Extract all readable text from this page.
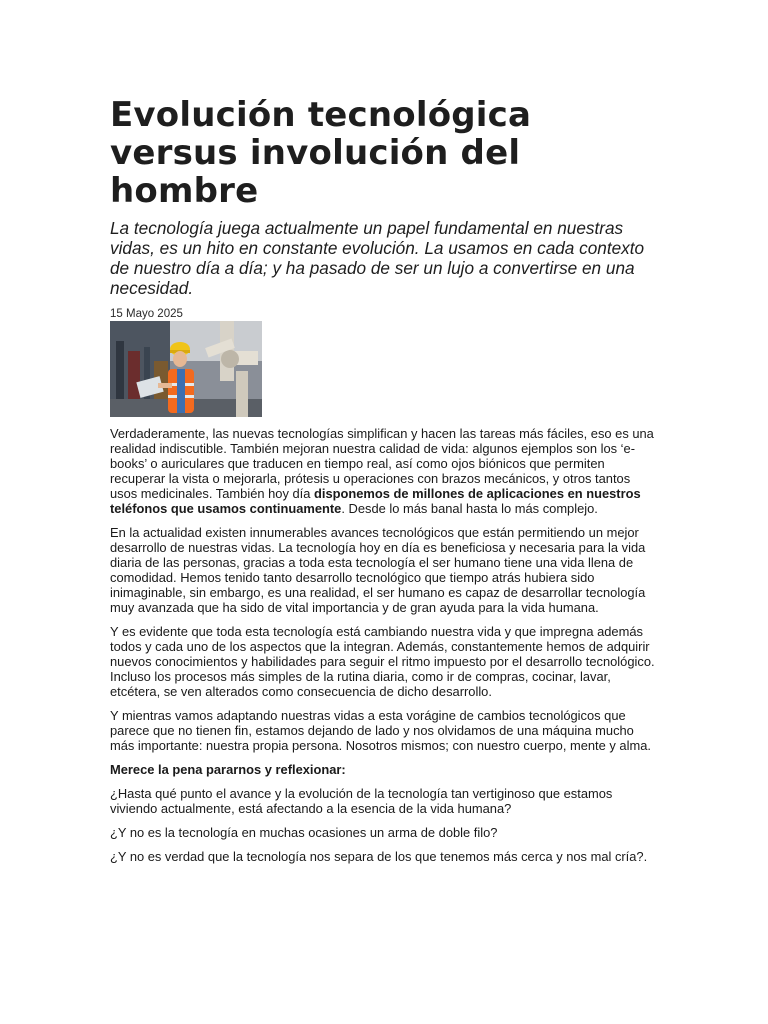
Evolución tecnológica versus involución del hombre

La tecnología juega actualmente un papel fundamental en nuestras vidas, es un hito en constante evolución. La usamos en cada contexto de nuestro día a día; y ha pasado de ser un lujo a convertirse en una necesidad.

15 Mayo 2025

Verdaderamente, las nuevas tecnologías simplifican y hacen las tareas más fáciles, eso es una realidad indiscutible. También mejoran nuestra calidad de vida: algunos ejemplos son los ‘e-books’ o auriculares que traducen en tiempo real, así como ojos biónicos que permiten recuperar la vista o mejorarla, prótesis u operaciones con brazos mecánicos, y otros tantos usos medicinales. También hoy día disponemos de millones de aplicaciones en nuestros teléfonos que usamos continuamente. Desde lo más banal hasta lo más complejo.

En la actualidad existen innumerables avances tecnológicos que están permitiendo un mejor desarrollo de nuestras vidas. La tecnología hoy en día es beneficiosa y necesaria para la vida diaria de las personas, gracias a toda esta tecnología el ser humano tiene una vida llena de comodidad. Hemos tenido tanto desarrollo tecnológico que tiempo atrás hubiera sido inimaginable, sin embargo, es una realidad, el ser humano es capaz de desarrollar tecnología muy avanzada que ha sido de vital importancia y de gran ayuda para la vida humana.

Y es evidente que toda esta tecnología está cambiando nuestra vida y que impregna además todos y cada uno de los aspectos que la integran. Además, constantemente hemos de adquirir nuevos conocimientos y habilidades para seguir el ritmo impuesto por el desarrollo tecnológico. Incluso los procesos más simples de la rutina diaria, como ir de compras, cocinar, lavar, etcétera, se ven alterados como consecuencia de dicho desarrollo.

Y mientras vamos adaptando nuestras vidas a esta vorágine de cambios tecnológicos que parece que no tienen fin, estamos dejando de lado y nos olvidamos de una máquina mucho más importante: nuestra propia persona. Nosotros mismos; con nuestro cuerpo, mente y alma.

Merece la pena pararnos y reflexionar:

¿Hasta qué punto el avance y la evolución de la tecnología tan vertiginoso que estamos viviendo actualmente, está afectando a la esencia de la vida humana?

¿Y no es la tecnología en muchas ocasiones un arma de doble filo?

¿Y no es verdad que la tecnología nos separa de los que tenemos más cerca y nos mal cría?.
